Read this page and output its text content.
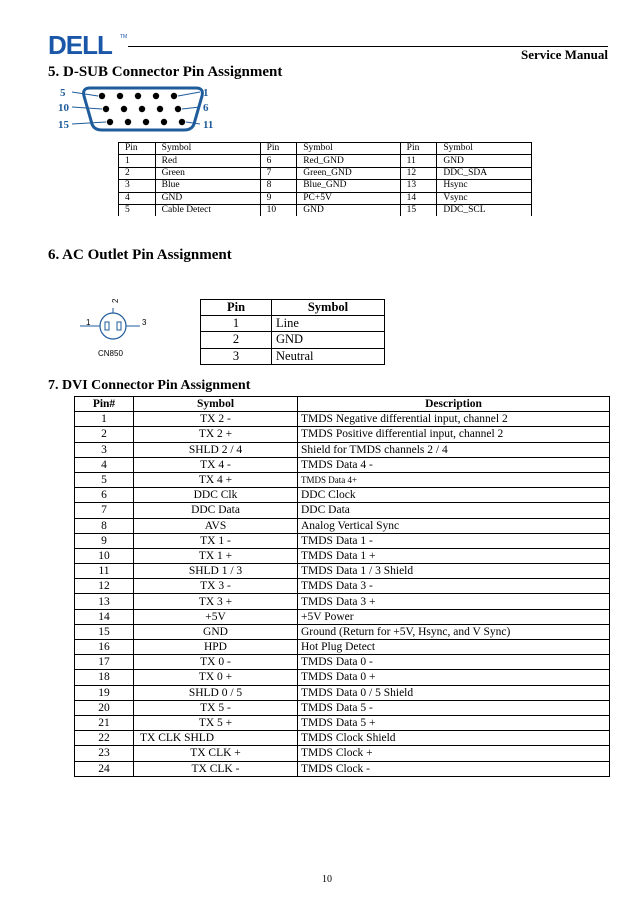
DELL TM
Service Manual
5. D-SUB Connector Pin Assignment
5	1
10	6
15	11
Pin	Symbol	Pin	Symbol	Pin	Symbol
1	Red	6	Red_GND	11	GND
2	Green	7	Green_GND	12	DDC_SDA
3	Blue	8	Blue_GND	13	Hsync
4	GND	9	PC+5V	14	Vsync
5	Cable Detect	10	GND	15	DDC_SCL
6. AC Outlet Pin Assignment
2
1	3
CN850
Pin	Symbol
1	Line
2	GND
3	Neutral
7. DVI Connector Pin Assignment
Pin#	Symbol	Description
1	TX 2 -	TMDS Negative differential input, channel 2
2	TX 2 +	TMDS Positive differential input, channel 2
3	SHLD 2 / 4	Shield for TMDS channels 2 / 4
4	TX 4 -	TMDS Data 4 -
5	TX 4 +	TMDS Data 4+
6	DDC Clk	DDC Clock
7	DDC Data	DDC Data
8	AVS	Analog Vertical Sync
9	TX 1 -	TMDS Data 1 -
10	TX 1 +	TMDS Data 1 +
11	SHLD 1 / 3	TMDS Data 1 / 3 Shield
12	TX 3 -	TMDS Data 3 -
13	TX 3 +	TMDS Data 3 +
14	+5V	+5V Power
15	GND	Ground (Return for +5V, Hsync, and V Sync)
16	HPD	Hot Plug Detect
17	TX 0 -	TMDS Data 0 -
18	TX 0 +	TMDS Data 0 +
19	SHLD 0 / 5	TMDS Data 0 / 5 Shield
20	TX 5 -	TMDS Data 5 -
21	TX 5 +	TMDS Data 5 +
22	TX CLK SHLD	TMDS Clock Shield
23	TX CLK +	TMDS Clock +
24	TX CLK -	TMDS Clock -
10
